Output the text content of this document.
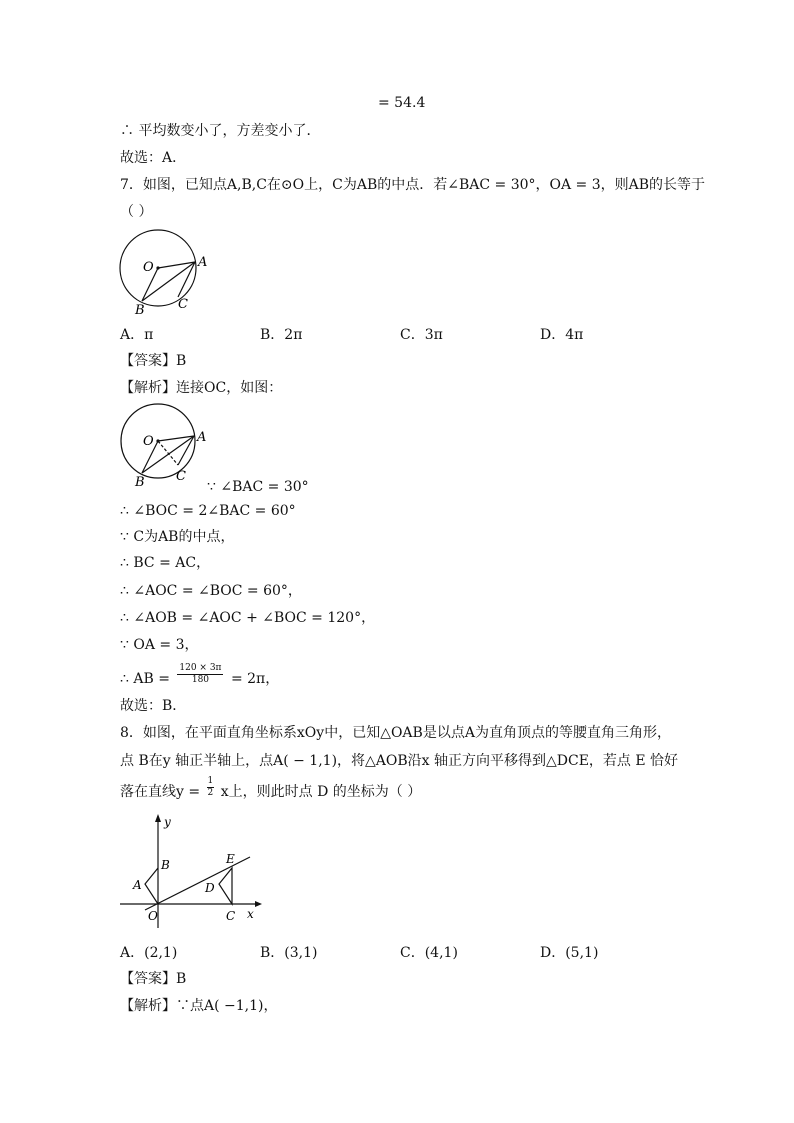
= 54.4
∴ 平均数变小了，方差变小了．
故选：A．
7．如图，已知点A,B,C在⊙O上，C为AB的中点．若∠BAC = 30°，OA = 3，则AB的长等于
（ ）
O	A
B	C
A．π	B．2π	C．3π	D．4π
【答案】B
【解析】连接OC，如图：
O	A
B C
∵ ∠BAC = 30°
∴ ∠BOC = 2∠BAC = 60°
∵ C为AB的中点，
∴ BC = AC，
∴ ∠AOC = ∠BOC = 60°，
∴ ∠AOB = ∠AOC + ∠BOC = 120°，
∵ OA = 3，
∴ AB = $\frac{120 \times 3\pi}{180} = 2\pi$，
故选：B．
8．如图，在平面直角坐标系xOy中，已知△OAB是以点A为直角顶点的等腰直角三角形，
点 B在y 轴正半轴上，点A( − 1,1)，将△AOB沿x 轴正方向平移得到△DCE，若点 E 恰好
落在直线$y = \frac{1}{2}$ x上，则此时点 D 的坐标为（ ）
y
x
O
A
B
C
D
E
A．(2,1)	B．(3,1)	C．(4,1)	D．(5,1)
【答案】B
【解析】∵点A( −1,1)，
